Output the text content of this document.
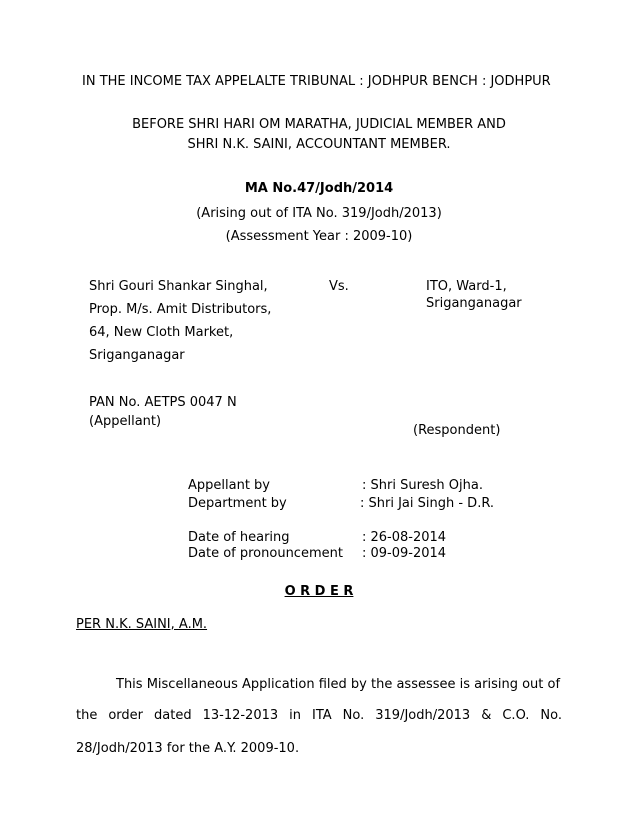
IN THE INCOME TAX APPELALTE TRIBUNAL : JODHPUR BENCH : JODHPUR
BEFORE SHRI HARI OM MARATHA, JUDICIAL MEMBER AND
SHRI N.K. SAINI, ACCOUNTANT MEMBER.
MA No.47/Jodh/2014
(Arising out of ITA No. 319/Jodh/2013)
(Assessment Year : 2009-10)
Shri Gouri Shankar Singhal,
Prop. M/s. Amit Distributors,
64, New Cloth Market,
Sriganganagar
Vs.	ITO, Ward-1,
Sriganganagar
PAN No. AETPS 0047 N
(Appellant)
(Respondent)
Appellant by	: Shri Suresh Ojha.
Department by	: Shri Jai Singh - D.R.
Date of hearing	: 26-08-2014
Date of pronouncement : 09-09-2014
O R D E R
PER N.K. SAINI, A.M.
This Miscellaneous Application filed by the assessee is arising out of
the order dated 13-12-2013 in ITA No. 319/Jodh/2013 & C.O. No.
28/Jodh/2013 for the A.Y. 2009-10.
